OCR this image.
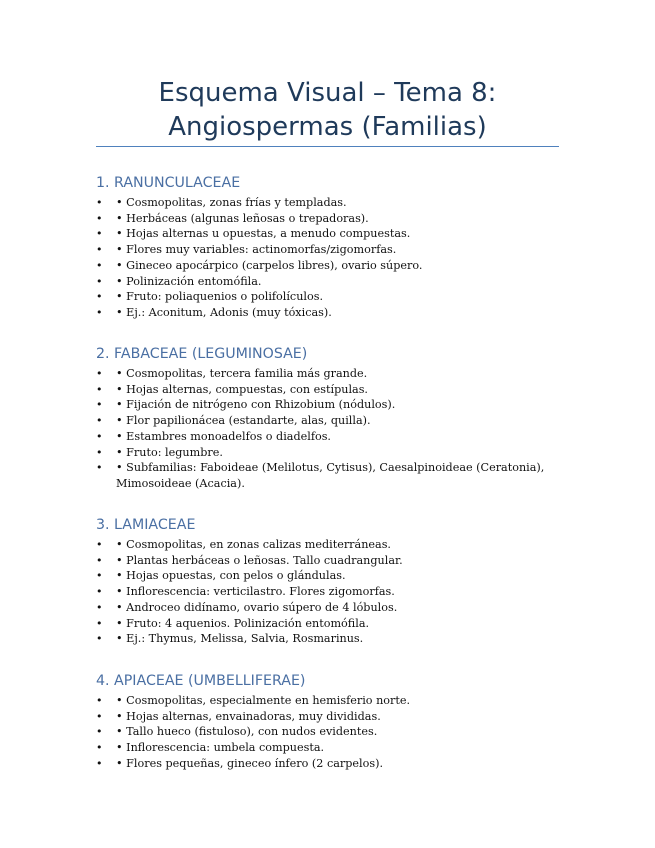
Esquema Visual – Tema 8:
Angiospermas (Familias)
1. RANUNCULACEAE
• • Cosmopolitas, zonas frías y templadas.
• • Herbáceas (algunas leñosas o trepadoras).
• • Hojas alternas u opuestas, a menudo compuestas.
• • Flores muy variables: actinomorfas/zigomorfas.
• • Gineceo apocárpico (carpelos libres), ovario súpero.
• • Polinización entomófila.
• • Fruto: poliaquenios o polifolículos.
• • Ej.: Aconitum, Adonis (muy tóxicas).
2. FABACEAE (LEGUMINOSAE)
• • Cosmopolitas, tercera familia más grande.
• • Hojas alternas, compuestas, con estípulas.
• • Fijación de nitrógeno con Rhizobium (nódulos).
• • Flor papilionácea (estandarte, alas, quilla).
• • Estambres monoadelfos o diadelfos.
• • Fruto: legumbre.
• • Subfamilias: Faboideae (Melilotus, Cytisus), Caesalpinoideae (Ceratonia), Mimosoideae (Acacia).
3. LAMIACEAE
• • Cosmopolitas, en zonas calizas mediterráneas.
• • Plantas herbáceas o leñosas. Tallo cuadrangular.
• • Hojas opuestas, con pelos o glándulas.
• • Inflorescencia: verticilastro. Flores zigomorfas.
• • Androceo didínamo, ovario súpero de 4 lóbulos.
• • Fruto: 4 aquenios. Polinización entomófila.
• • Ej.: Thymus, Melissa, Salvia, Rosmarinus.
4. APIACEAE (UMBELLIFERAE)
• • Cosmopolitas, especialmente en hemisferio norte.
• • Hojas alternas, envainadoras, muy divididas.
• • Tallo hueco (fistuloso), con nudos evidentes.
• • Inflorescencia: umbela compuesta.
• • Flores pequeñas, gineceo ínfero (2 carpelos).
